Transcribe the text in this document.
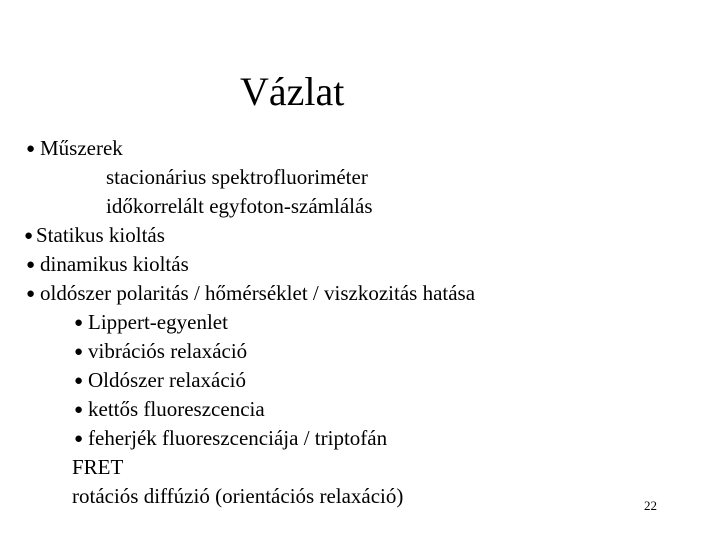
Vázlat
● Műszerek
stacionárius spektrofluoriméter
időkorrelált egyfoton-számlálás
● Statikus kioltás
● dinamikus kioltás
● oldószer polaritás / hőmérséklet / viszkozitás hatása
● Lippert-egyenlet
● vibrációs relaxáció
● Oldószer relaxáció
● kettős fluoreszcencia
● feherjék fluoreszcenciája / triptofán
FRET
rotációs diffúzió (orientációs relaxáció)	22
